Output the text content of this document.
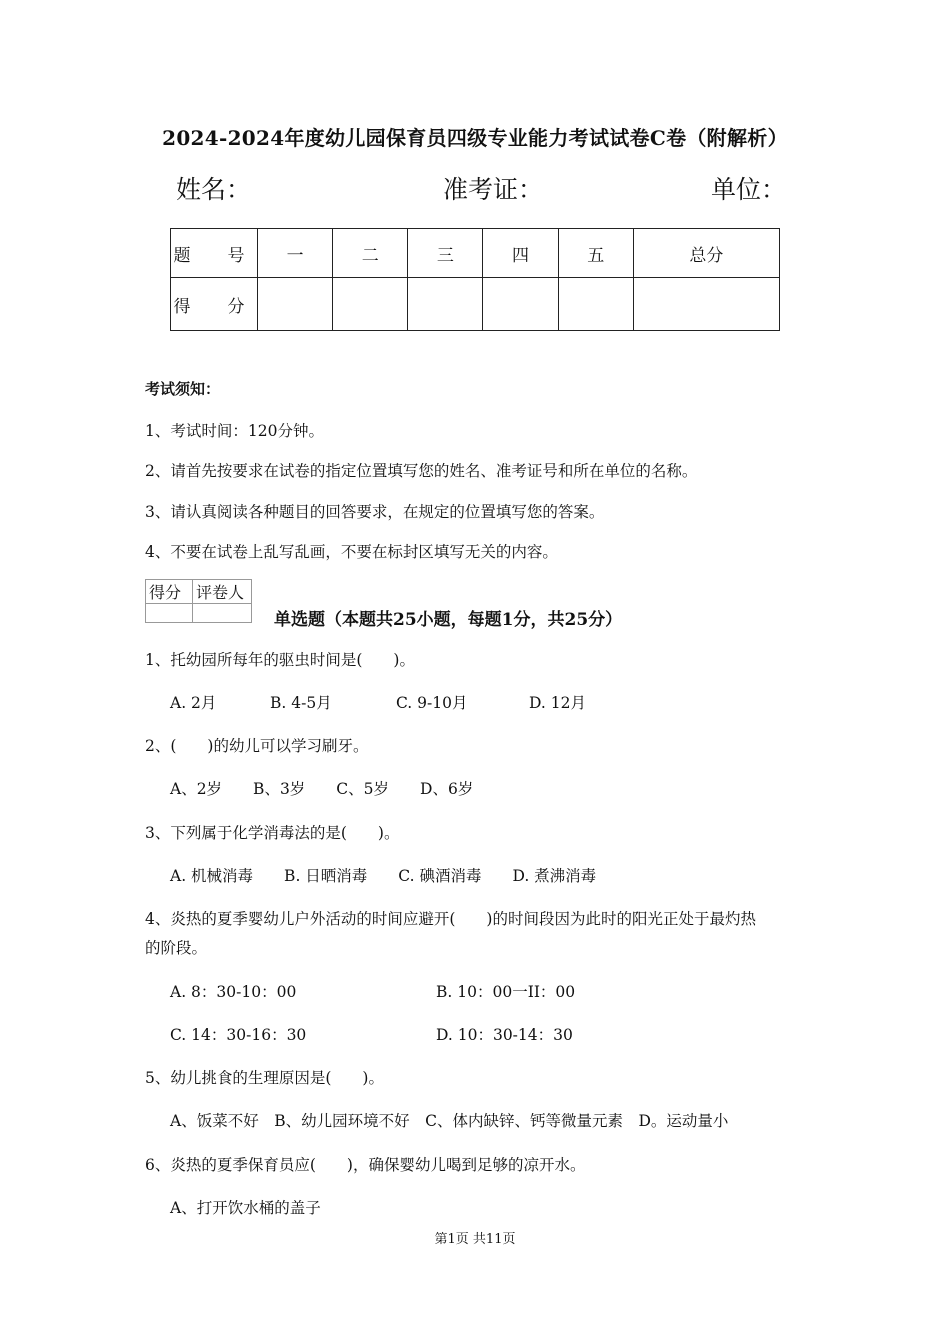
2024-2024年度幼儿园保育员四级专业能力考试试卷C卷（附解析）
姓名：	准考证：	单位：
题　号	一	二	三	四	五	总分
得　分						
考试须知：
1、考试时间：120分钟。
2、请首先按要求在试卷的指定位置填写您的姓名、准考证号和所在单位的名称。
3、请认真阅读各种题目的回答要求，在规定的位置填写您的答案。
4、不要在试卷上乱写乱画，不要在标封区填写无关的内容。
得分	评卷人

单选题（本题共25小题，每题1分，共25分）
1、托幼园所每年的驱虫时间是(　　)。
A. 2月	B. 4-5月	C. 9-10月	D. 12月
2、(　　)的幼儿可以学习刷牙。
A、2岁　　B、3岁　　C、5岁　　D、6岁
3、下列属于化学消毒法的是(　　)。
A. 机械消毒　　B. 日晒消毒　　C. 碘酒消毒　　D. 煮沸消毒
4、炎热的夏季婴幼儿户外活动的时间应避开(　　)的时间段因为此时的阳光正处于最灼热
的阶段。
A. 8：30-10：00	B. 10：00一II：00
C. 14：30-16：30	D. 10：30-14：30
5、幼儿挑食的生理原因是(　　)。
A、饭菜不好　B、幼儿园环境不好　C、体内缺锌、钙等微量元素　D。运动量小
6、炎热的夏季保育员应(　　)，确保婴幼儿喝到足够的凉开水。
A、打开饮水桶的盖子
第1页 共11页
